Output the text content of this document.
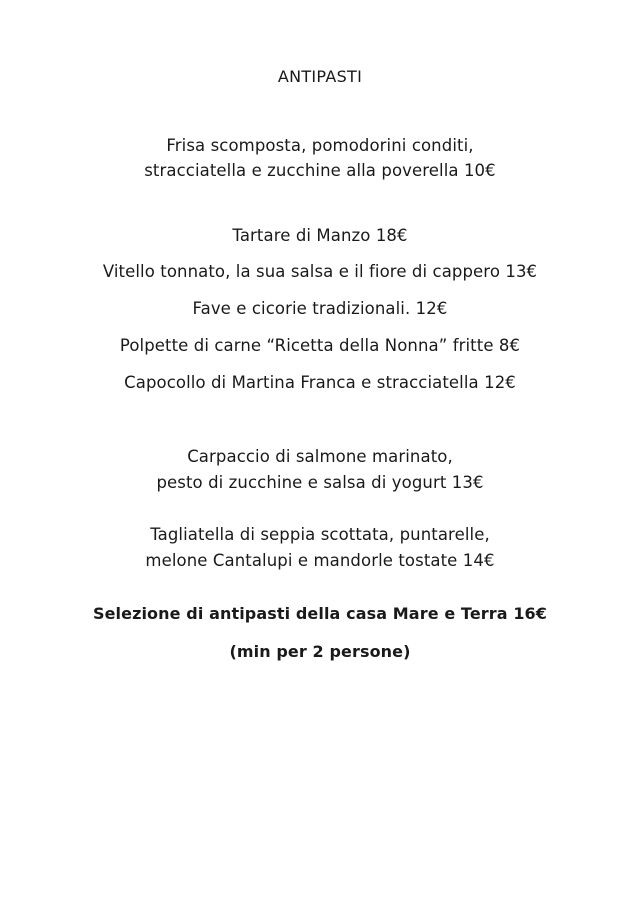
ANTIPASTI
Frisa scomposta, pomodorini conditi,
stracciatella e zucchine alla poverella 10€
Tartare di Manzo 18€
Vitello tonnato, la sua salsa e il fiore di cappero 13€
Fave e cicorie tradizionali. 12€
Polpette di carne “Ricetta della Nonna” fritte 8€
Capocollo di Martina Franca e stracciatella 12€
Carpaccio di salmone marinato,
pesto di zucchine e salsa di yogurt 13€
Tagliatella di seppia scottata, puntarelle,
melone Cantalupi e mandorle tostate 14€
Selezione di antipasti della casa Mare e Terra 16€
(min per 2 persone)
